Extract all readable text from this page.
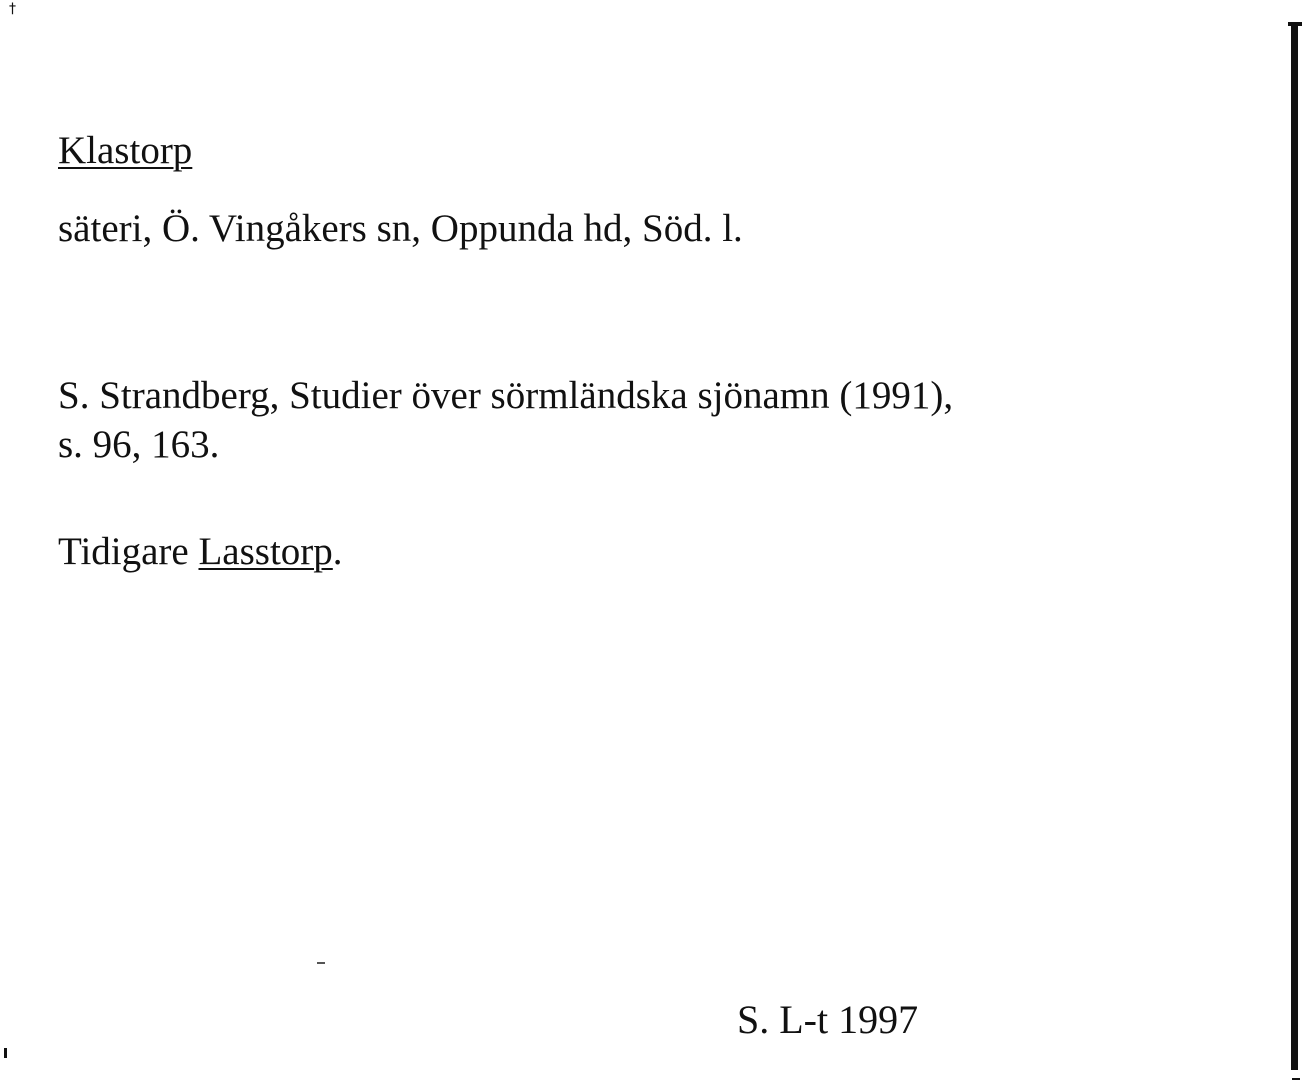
†
Klastorp
säteri, Ö. Vingåkers sn, Oppunda hd, Söd. l.
S. Strandberg, Studier över sörmländska sjönamn (1991),
s. 96, 163.
Tidigare Lasstorp.
S. L-t 1997
